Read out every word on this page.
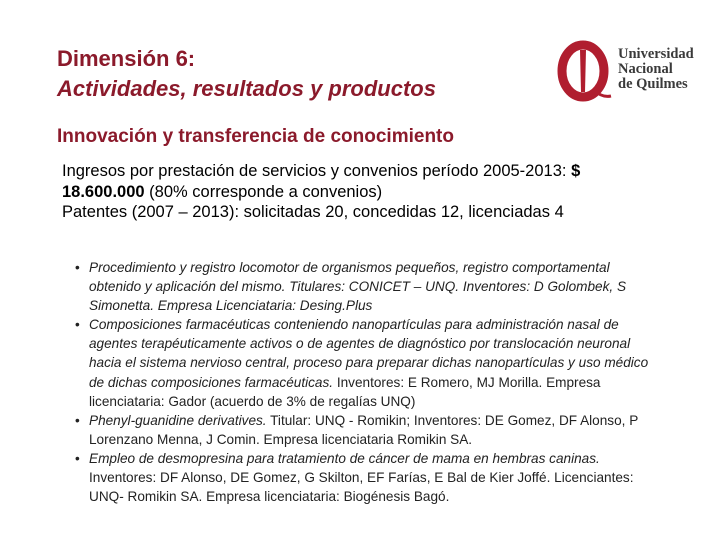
Dimensión 6:
Actividades, resultados y productos
Universidad
Nacional
de Quilmes
Innovación y transferencia de conocimiento

Ingresos por prestación de servicios y convenios período 2005-2013: $ 18.600.000 (80% corresponde a convenios)

Patentes (2007 – 2013): solicitadas 20, concedidas 12, licenciadas 4

• Procedimiento y registro locomotor de organismos pequeños, registro comportamental obtenido y aplicación del mismo. Titulares: CONICET – UNQ. Inventores: D Golombek, S Simonetta. Empresa Licenciataria: Desing.Plus
• Composiciones farmacéuticas conteniendo nanopartículas para administración nasal de agentes terapéuticamente activos o de agentes de diagnóstico por translocación neuronal hacia el sistema nervioso central, proceso para preparar dichas nanopartículas y uso médico de dichas composiciones farmacéuticas. Inventores: E Romero, MJ Morilla. Empresa licenciataria: Gador (acuerdo de 3% de regalías UNQ)
• Phenyl-guanidine derivatives. Titular: UNQ - Romikin; Inventores: DE Gomez, DF Alonso, P Lorenzano Menna, J Comin. Empresa licenciataria Romikin SA.
• Empleo de desmopresina para tratamiento de cáncer de mama en hembras caninas. Inventores: DF Alonso, DE Gomez, G Skilton, EF Farías, E Bal de Kier Joffé. Licenciantes: UNQ- Romikin SA. Empresa licenciataria: Biogénesis Bagó.
